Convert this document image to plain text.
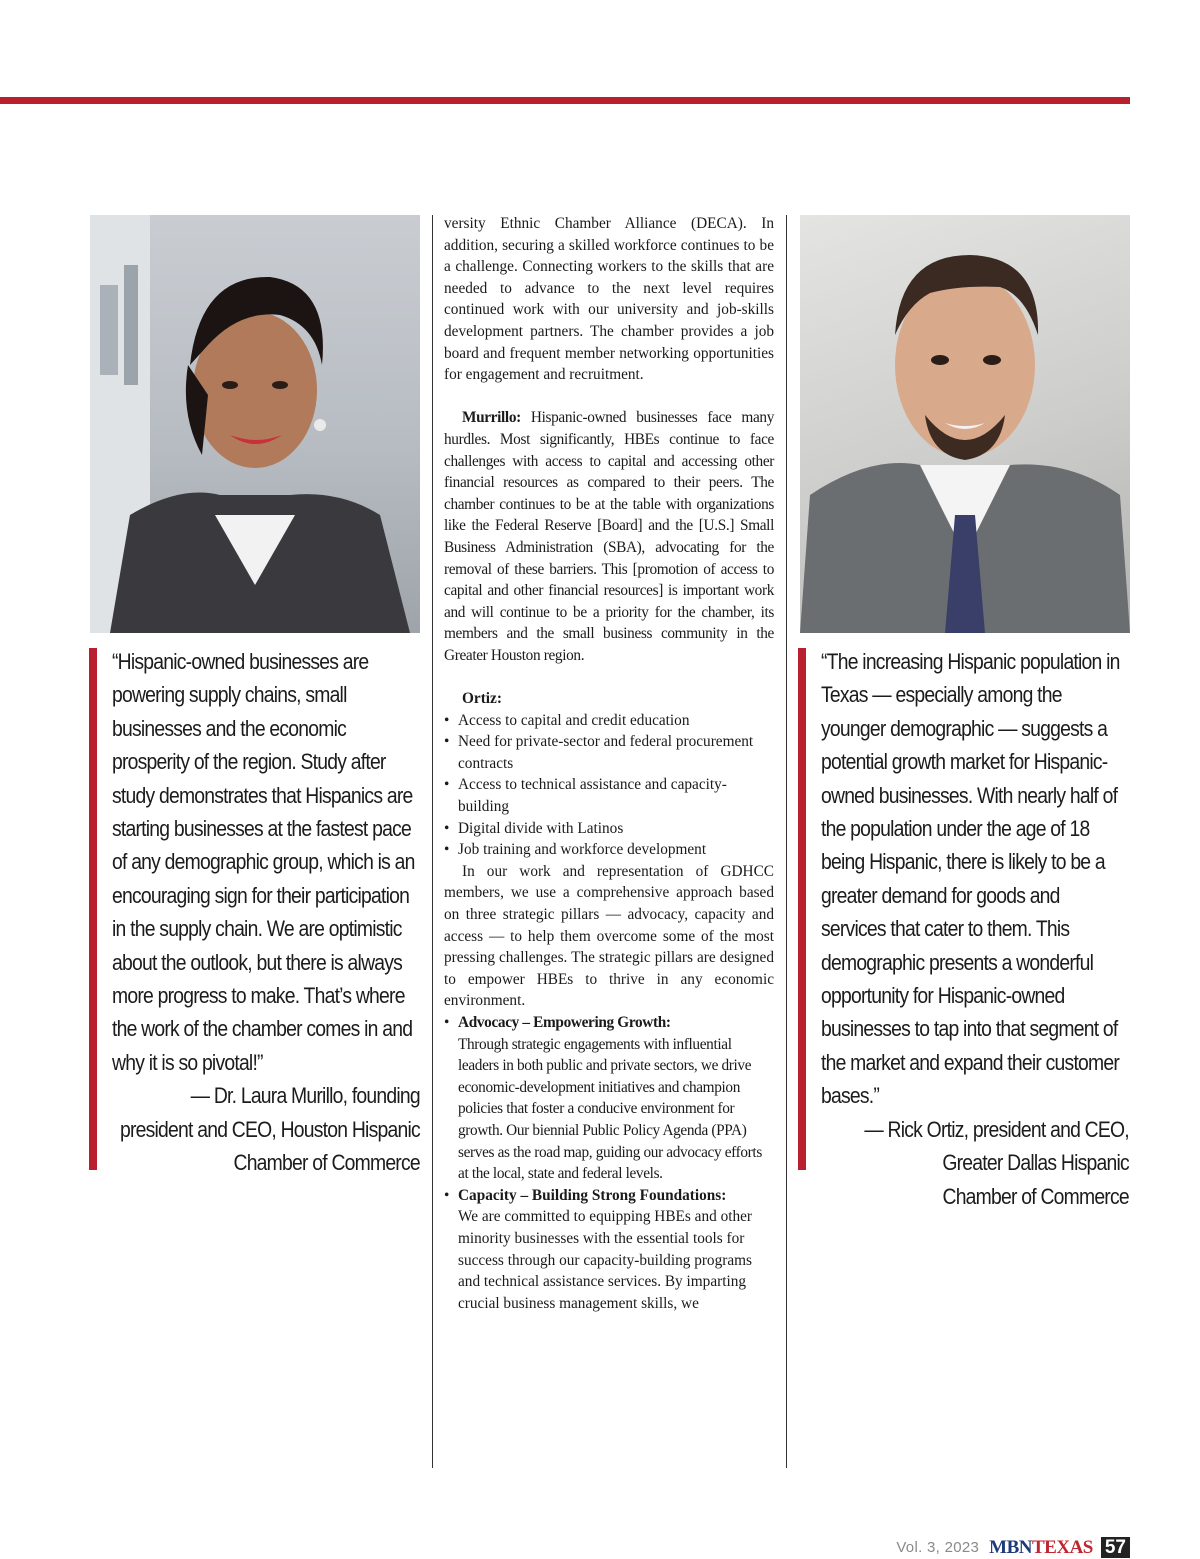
“Hispanic-owned businesses are powering supply chains, small businesses and the economic prosperity of the region. Study after study demonstrates that Hispanics are starting businesses at the fastest pace of any demographic group, which is an encouraging sign for their participation in the supply chain. We are optimistic about the outlook, but there is always more progress to make. That’s where the work of the chamber comes in and why it is so pivotal!”

— Dr. Laura Murillo, founding

president and CEO, Houston Hispanic

Chamber of Commerce

“The increasing Hispanic population in Texas — especially among the younger demographic — suggests a potential growth market for Hispanic-owned businesses. With nearly half of the population under the age of 18 being Hispanic, there is likely to be a greater demand for goods and services that cater to them. This demographic presents a wonderful opportunity for Hispanic-owned businesses to tap into that segment of the market and expand their customer bases.”

— Rick Ortiz, president and CEO,

Greater Dallas Hispanic

Chamber of Commerce

versity Ethnic Chamber Alliance (DECA). In addition, securing a skilled workforce continues to be a challenge. Connecting workers to the skills that are needed to advance to the next level requires continued work with our university and job-skills development partners. The chamber provides a job board and frequent member networking opportunities for engagement and recruitment.

Murrillo: Hispanic-owned businesses face many hurdles. Most significantly, HBEs continue to face challenges with access to capital and accessing other financial resources as compared to their peers. The chamber continues to be at the table with organizations like the Federal Reserve [Board] and the [U.S.] Small Business Administration (SBA), advocating for the removal of these barriers. This [promotion of access to capital and other financial resources] is important work and will continue to be a priority for the chamber, its members and the small business community in the Greater Houston region.

Ortiz:

• Access to capital and credit education
• Need for private-sector and federal procurement contracts
• Access to technical assistance and capacity-building
• Digital divide with Latinos
• Job training and workforce development

In our work and representation of GDHCC members, we use a comprehensive approach based on three strategic pillars — advocacy, capacity and access — to help them overcome some of the most pressing challenges. The strategic pillars are designed to empower HBEs to thrive in any economic environment.

• Advocacy – Empowering Growth:
Through strategic engagements with influential leaders in both public and private sectors, we drive economic-development initiatives and champion policies that foster a conducive environment for growth. Our biennial Public Policy Agenda (PPA) serves as the road map, guiding our advocacy efforts at the local, state and federal levels.
• Capacity – Building Strong Foundations:
We are committed to equipping HBEs and other minority businesses with the essential tools for success through our capacity-building programs and technical assistance services. By imparting crucial business management skills, we
Vol. 3, 2023 MBNTEXAS 57
